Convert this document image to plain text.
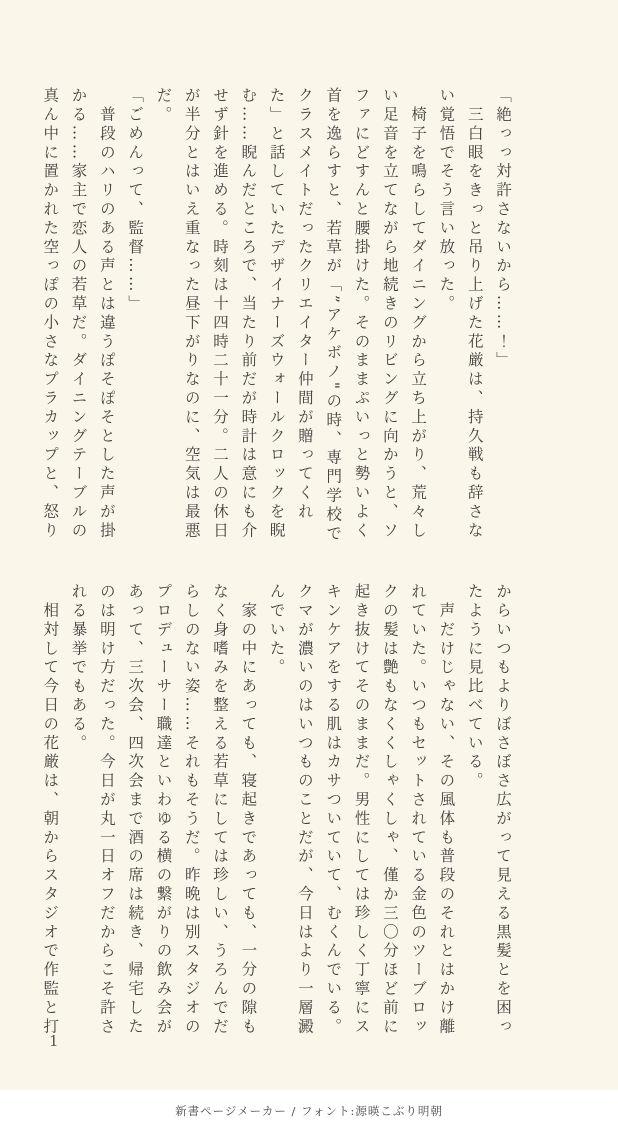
「絶っっ対許さないから……！」

　三白眼をきっと吊り上げた花厳は、持久戦も辞さない覚悟でそう言い放った。

　椅子を鳴らしてダイニングから立ち上がり、荒々しい足音を立てながら地続きのリビングに向かうと、ソファにどすんと腰掛けた。そのままぷいっと勢いよく首を逸らすと、若草が「”アケボノ"の時、専門学校でクラスメイトだったクリエイター仲間が贈ってくれた」と話していたデザイナーズウォールクロックを睨む……睨んだところで、当たり前だが時計は意にも介せず針を進める。時刻は十四時二十一分。二人の休日が半分とはいえ重なった昼下がりなのに、空気は最悪だ。

「ごめんって、監督……」

　普段のハリのある声とは違うぽそぽそとした声が掛かる……家主で恋人の若草だ。ダイニングテーブルの真ん中に置かれた空っぽの小さなプラカップと、怒り

からいつもよりぼさぼさ広がって見える黒髪とを困ったように見比べている。

　声だけじゃない、その風体も普段のそれとはかけ離れていた。いつもセットされている金色のツーブロックの髪は艶もなくくしゃくしゃ、僅か三〇分ほど前に起き抜けてそのままだ。男性にしては珍しく丁寧にスキンケアをする肌はカサついていて、むくんでいる。クマが濃いのはいつものことだが、今日はより一層澱んでいた。

　家の中にあっても、寝起きであっても、一分の隙もなく身嗜みを整える若草にしては珍しい、うろんでだらしのない姿……それもそうだ。昨晩は別スタジオのプロデューサー職達といわゆる横の繋がりの飲み会があって、三次会、四次会まで酒の席は続き、帰宅したのは明け方だった。今日が丸一日オフだからこそ許される暴挙でもある。

　相対して今日の花厳は、朝からスタジオで作監と打

1
新書ページメーカー / フォント:源暎こぶり明朝
